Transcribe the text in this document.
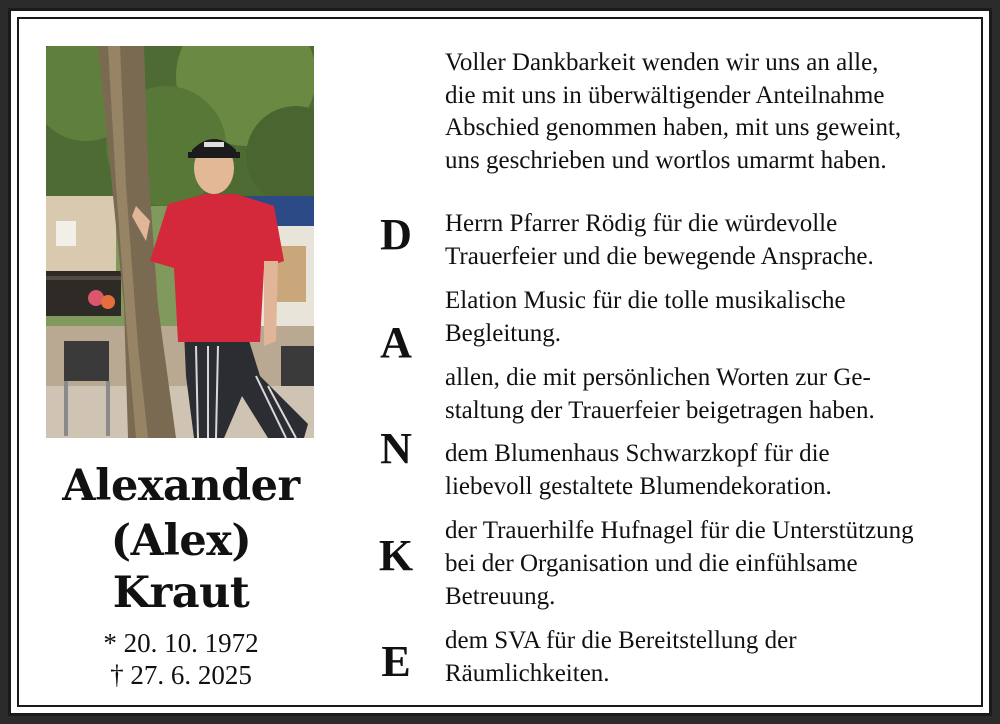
Alexander
(Alex)
Kraut
* 20. 10. 1972
† 27. 6. 2025
Voller Dankbarkeit wenden wir uns an alle,
die mit uns in überwältigender Anteilnahme
Abschied genommen haben, mit uns geweint,
uns geschrieben und wortlos umarmt haben.
D
A
N
K
E
Herrn Pfarrer Rödig für die würdevolle
Trauerfeier und die bewegende Ansprache.
Elation Music für die tolle musikalische
Begleitung.
allen, die mit persönlichen Worten zur Ge-
staltung der Trauerfeier beigetragen haben.
dem Blumenhaus Schwarzkopf für die
liebevoll gestaltete Blumendekoration.
der Trauerhilfe Hufnagel für die Unterstützung
bei der Organisation und die einfühlsame
Betreuung.
dem SVA für die Bereitstellung der
Räumlichkeiten.
